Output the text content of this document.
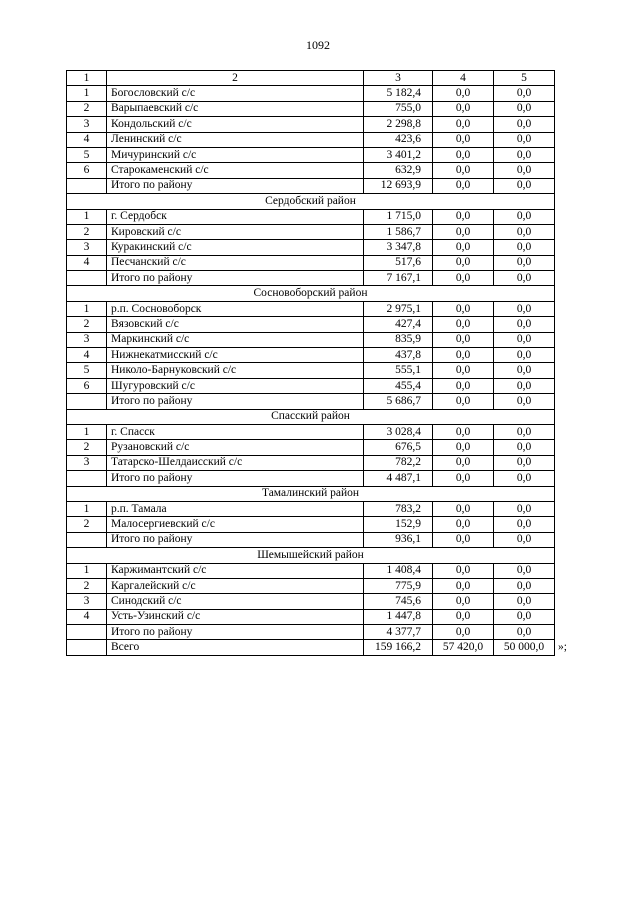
1092
1	2	3	4	5
1	Богословский с/с	5 182,4	0,0	0,0
2	Варыпаевский с/с	755,0	0,0	0,0
3	Кондольский с/с	2 298,8	0,0	0,0
4	Ленинский с/с	423,6	0,0	0,0
5	Мичуринский с/с	3 401,2	0,0	0,0
6	Старокаменский с/с	632,9	0,0	0,0
	Итого по району	12 693,9	0,0	0,0
Сердобский район				
1	г. Сердобск	1 715,0	0,0	0,0
2	Кировский с/с	1 586,7	0,0	0,0
3	Куракинский с/с	3 347,8	0,0	0,0
4	Песчанский с/с	517,6	0,0	0,0
	Итого по району	7 167,1	0,0	0,0
Сосновоборский район				
1	р.п. Сосновоборск	2 975,1	0,0	0,0
2	Вязовский с/с	427,4	0,0	0,0
3	Маркинский с/с	835,9	0,0	0,0
4	Нижнекатмисский с/с	437,8	0,0	0,0
5	Николо-Барнуковский с/с	555,1	0,0	0,0
6	Шугуровский с/с	455,4	0,0	0,0
	Итого по району	5 686,7	0,0	0,0
Спасский район				
1	г. Спасск	3 028,4	0,0	0,0
2	Рузановский с/с	676,5	0,0	0,0
3	Татарско-Шелдаисский с/с	782,2	0,0	0,0
	Итого по району	4 487,1	0,0	0,0
Тамалинский район				
1	р.п. Тамала	783,2	0,0	0,0
2	Малосергиевский с/с	152,9	0,0	0,0
	Итого по району	936,1	0,0	0,0
Шемышейский район				
1	Каржимантский с/с	1 408,4	0,0	0,0
2	Каргалейский с/с	775,9	0,0	0,0
3	Синодский с/с	745,6	0,0	0,0
4	Усть-Узинский с/с	1 447,8	0,0	0,0
	Итого по району	4 377,7	0,0	0,0
	Всего	159 166,2	57 420,0	50 000,0 »;
